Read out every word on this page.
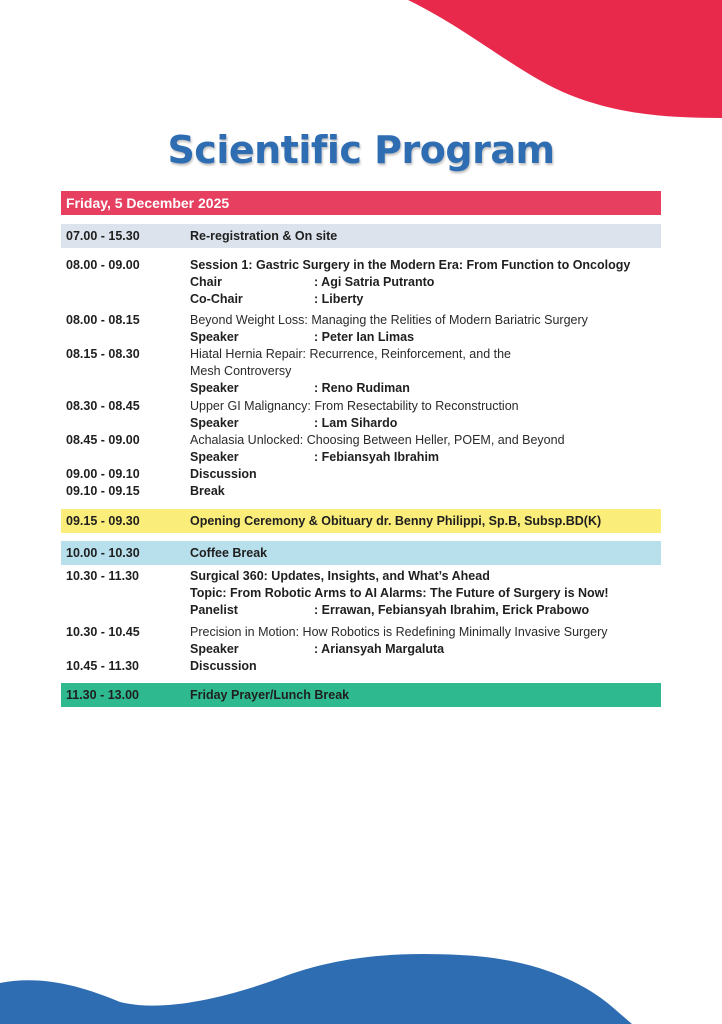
Scientific Program
Friday, 5 December 2025
07.00 - 15.30	Re-registration & On site
08.00 - 09.00	Session 1: Gastric Surgery in the Modern Era: From Function to Oncology
Chair	: Agi Satria Putranto
Co-Chair	: Liberty
08.00 - 08.15	Beyond Weight Loss: Managing the Relities of Modern Bariatric Surgery
Speaker	: Peter Ian Limas
08.15 - 08.30	Hiatal Hernia Repair: Recurrence, Reinforcement, and the
Mesh Controversy
Speaker	: Reno Rudiman
08.30 - 08.45	Upper GI Malignancy: From Resectability to Reconstruction
Speaker	: Lam Sihardo
08.45 - 09.00	Achalasia Unlocked: Choosing Between Heller, POEM, and Beyond
Speaker	: Febiansyah Ibrahim
09.00 - 09.10	Discussion
09.10 - 09.15	Break
09.15 - 09.30	Opening Ceremony & Obituary dr. Benny Philippi, Sp.B, Subsp.BD(K)
10.00 - 10.30	Coffee Break
10.30 - 11.30	Surgical 360: Updates, Insights, and What’s Ahead
Topic: From Robotic Arms to AI Alarms: The Future of Surgery is Now!
Panelist	: Errawan, Febiansyah Ibrahim, Erick Prabowo
10.30 - 10.45	Precision in Motion: How Robotics is Redefining Minimally Invasive Surgery
Speaker	: Ariansyah Margaluta
10.45 - 11.30	Discussion
11.30 - 13.00	Friday Prayer/Lunch Break
